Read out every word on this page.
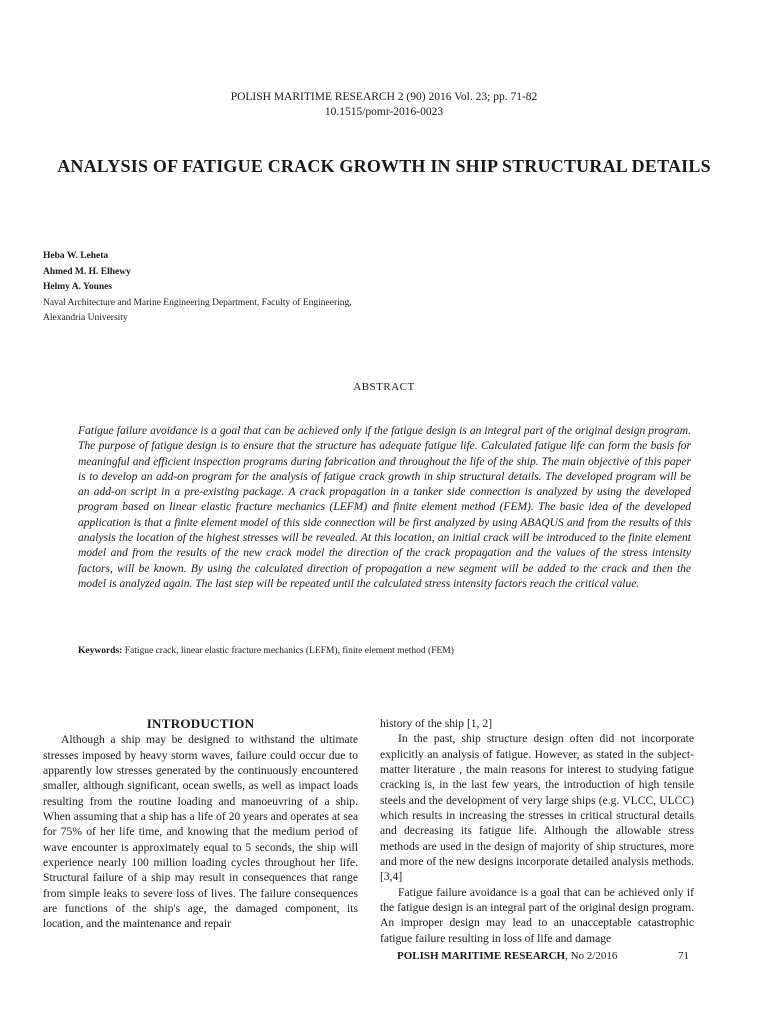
POLISH MARITIME RESEARCH 2 (90) 2016 Vol. 23; pp. 71-82
10.1515/pomr-2016-0023
ANALYSIS OF FATIGUE CRACK GROWTH IN SHIP STRUCTURAL DETAILS
Heba W. Leheta
Ahmed M. H. Elhewy
Helmy A. Younes
Naval Architecture and Marine Engineering Department, Faculty of Engineering,
Alexandria University
ABSTRACT

Fatigue failure avoidance is a goal that can be achieved only if the fatigue design is an integral part of the original design program. The purpose of fatigue design is to ensure that the structure has adequate fatigue life. Calculated fatigue life can form the basis for meaningful and efficient inspection programs during fabrication and throughout the life of the ship. The main objective of this paper is to develop an add-on program for the analysis of fatigue crack growth in ship structural details. The developed program will be an add-on script in a pre-existing package. A crack propagation in a tanker side connection is analyzed by using the developed program based on linear elastic fracture mechanics (LEFM) and finite element method (FEM). The basic idea of the developed application is that a finite element model of this side connection will be first analyzed by using ABAQUS and from the results of this analysis the location of the highest stresses will be revealed. At this location, an initial crack will be introduced to the finite element model and from the results of the new crack model the direction of the crack propagation and the values of the stress intensity factors, will be known. By using the calculated direction of propagation a new segment will be added to the crack and then the model is analyzed again. The last step will be repeated until the calculated stress intensity factors reach the critical value.

Keywords: Fatigue crack, linear elastic fracture mechanics (LEFM), finite element method (FEM)
INTRODUCTION

Although a ship may be designed to withstand the ultimate stresses imposed by heavy storm waves, failure could occur due to apparently low stresses generated by the continuously encountered smaller, although significant, ocean swells, as well as impact loads resulting from the routine loading and manoeuvring of a ship. When assuming that a ship has a life of 20 years and operates at sea for 75% of her life time, and knowing that the medium period of wave encounter is approximately equal to 5 seconds, the ship will experience nearly 100 million loading cycles throughout her life. Structural failure of a ship may result in consequences that range from simple leaks to severe loss of lives. The failure consequences are functions of the ship's age, the damaged component, its location, and the maintenance and repair

history of the ship [1, 2]

In the past, ship structure design often did not incorporate explicitly an analysis of fatigue. However, as stated in the subject-matter literature , the main reasons for interest to studying fatigue cracking is, in the last few years, the introduction of high tensile steels and the development of very large ships (e.g. VLCC, ULCC) which results in increasing the stresses in critical structural details and decreasing its fatigue life. Although the allowable stress methods are used in the design of majority of ship structures, more and more of the new designs incorporate detailed analysis methods. [3,4]

Fatigue failure avoidance is a goal that can be achieved only if the fatigue design is an integral part of the original design program. An improper design may lead to an unacceptable catastrophic fatigue failure resulting in loss of life and damage

POLISH MARITIME RESEARCH, No 2/2016	71
